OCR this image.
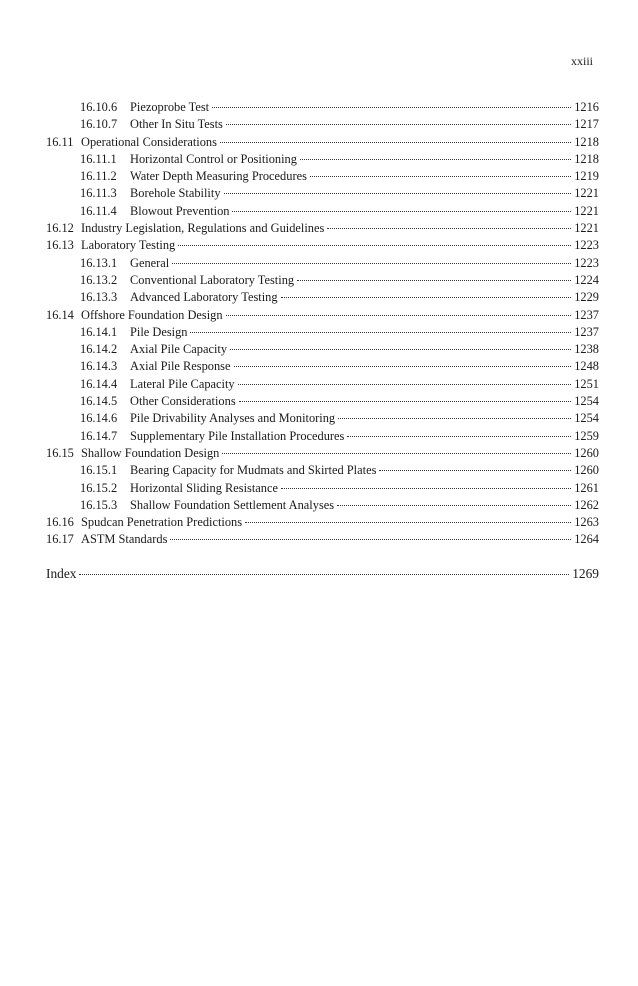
xxiii
16.10.6	Piezoprobe Test	1216
16.10.7	Other In Situ Tests	1217
16.11 Operational Considerations	1218
16.11.1	Horizontal Control or Positioning	1218
16.11.2	Water Depth Measuring Procedures	1219
16.11.3	Borehole Stability	1221
16.11.4	Blowout Prevention	1221
16.12 Industry Legislation, Regulations and Guidelines	1221
16.13 Laboratory Testing	1223
16.13.1	General	1223
16.13.2	Conventional Laboratory Testing	1224
16.13.3	Advanced Laboratory Testing	1229
16.14 Offshore Foundation Design	1237
16.14.1	Pile Design	1237
16.14.2	Axial Pile Capacity	1238
16.14.3	Axial Pile Response	1248
16.14.4	Lateral Pile Capacity	1251
16.14.5	Other Considerations	1254
16.14.6	Pile Drivability Analyses and Monitoring	1254
16.14.7	Supplementary Pile Installation Procedures	1259
16.15 Shallow Foundation Design	1260
16.15.1	Bearing Capacity for Mudmats and Skirted Plates	1260
16.15.2	Horizontal Sliding Resistance	1261
16.15.3	Shallow Foundation Settlement Analyses	1262
16.16 Spudcan Penetration Predictions	1263
16.17 ASTM Standards	1264
Index	1269
